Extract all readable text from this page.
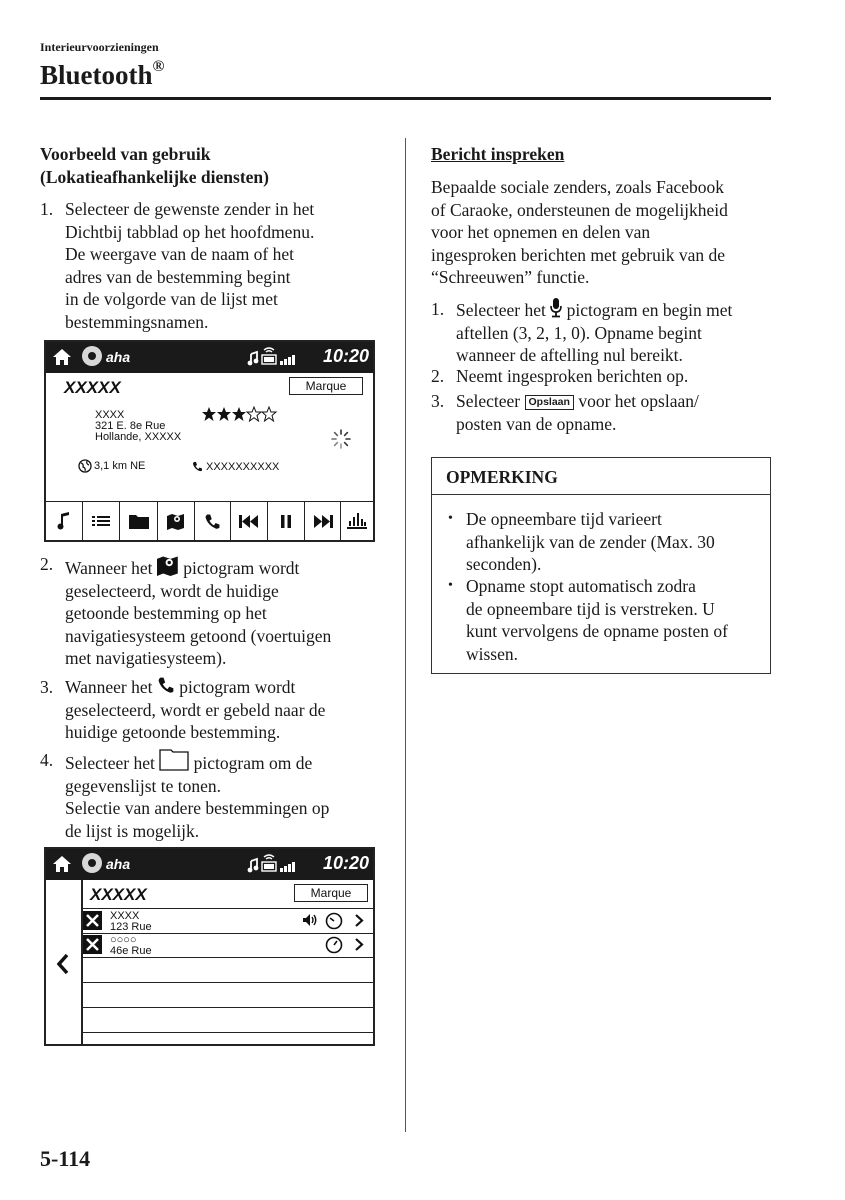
Interieurvoorzieningen
Bluetooth®
Voorbeeld van gebruik
(Lokatieafhankelijke diensten)
1. Selecteer de gewenste zender in het
Dichtbij tabblad op het hoofdmenu.
De weergave van de naam of het
adres van de bestemming begint
in de volgorde van de lijst met
bestemmingsnamen.
aha	10:20
XXXXX	Marque
XXXX
321 E. 8e Rue
Hollande, XXXXX
3,1 km NE	XXXXXXXXXX
2. Wanneer het pictogram wordt
geselecteerd, wordt de huidige
getoonde bestemming op het
navigatiesysteem getoond (voertuigen
met navigatiesysteem).
3. Wanneer het pictogram wordt
geselecteerd, wordt er gebeld naar de
huidige getoonde bestemming.
4. Selecteer het pictogram om de
gegevenslijst te tonen.
Selectie van andere bestemmingen op
de lijst is mogelijk.
aha	10:20
XXXXX	Marque
XXXX
123 Rue
○○○○
46e Rue
Bericht inspreken
Bepaalde sociale zenders, zoals Facebook
of Caraoke, ondersteunen de mogelijkheid
voor het opnemen en delen van
ingesproken berichten met gebruik van de
“Schreeuwen” functie.
1. Selecteer het pictogram en begin met
aftellen (3, 2, 1, 0). Opname begint
wanneer de aftelling nul bereikt.
2. Neemt ingesproken berichten op.
3. Selecteer Opslaan voor het opslaan/
posten van de opname.
OPMERKING
• De opneembare tijd varieert
afhankelijk van de zender (Max. 30
seconden).
• Opname stopt automatisch zodra
de opneembare tijd is verstreken. U
kunt vervolgens de opname posten of
wissen.
5-114
